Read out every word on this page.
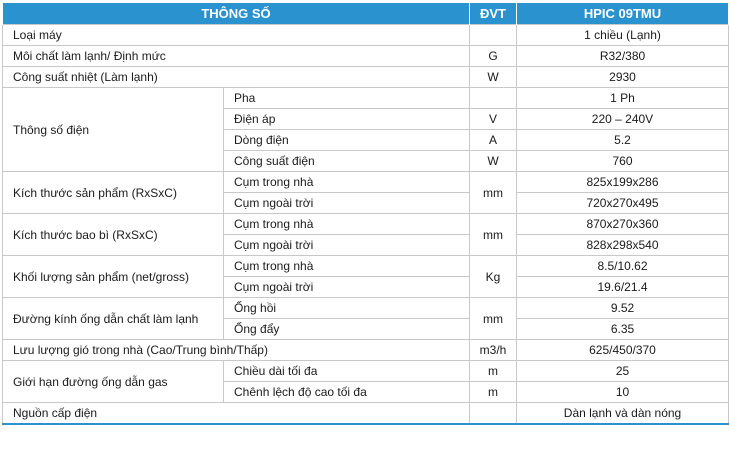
THÔNG SỐ		ĐVT	HPIC 09TMU
Loại máy			1 chiều (Lạnh)
Môi chất làm lạnh/ Định mức		G	R32/380
Công suất nhiệt (Làm lạnh)		W	2930
Thông số điện	Pha		1 Ph
	Điện áp	V	220 – 240V
	Dòng điện	A	5.2
	Công suất điện	W	760
Kích thước sản phẩm (RxSxC)	Cụm trong nhà	mm	825x199x286
	Cụm ngoài trời		720x270x495
Kích thước bao bì (RxSxC)	Cụm trong nhà	mm	870x270x360
	Cụm ngoài trời		828x298x540
Khối lượng sản phẩm (net/gross)	Cụm trong nhà	Kg	8.5/10.62
	Cụm ngoài trời		19.6/21.4
Đường kính ống dẫn chất làm lạnh	Ống hồi	mm	9.52
	Ống đẩy		6.35
Lưu lượng gió trong nhà (Cao/Trung bình/Thấp)		m3/h	625/450/370
Giới hạn đường ống dẫn gas	Chiều dài tối đa	m	25
	Chênh lệch độ cao tối đa	m	10
Nguồn cấp điện			Dàn lạnh và dàn nóng
